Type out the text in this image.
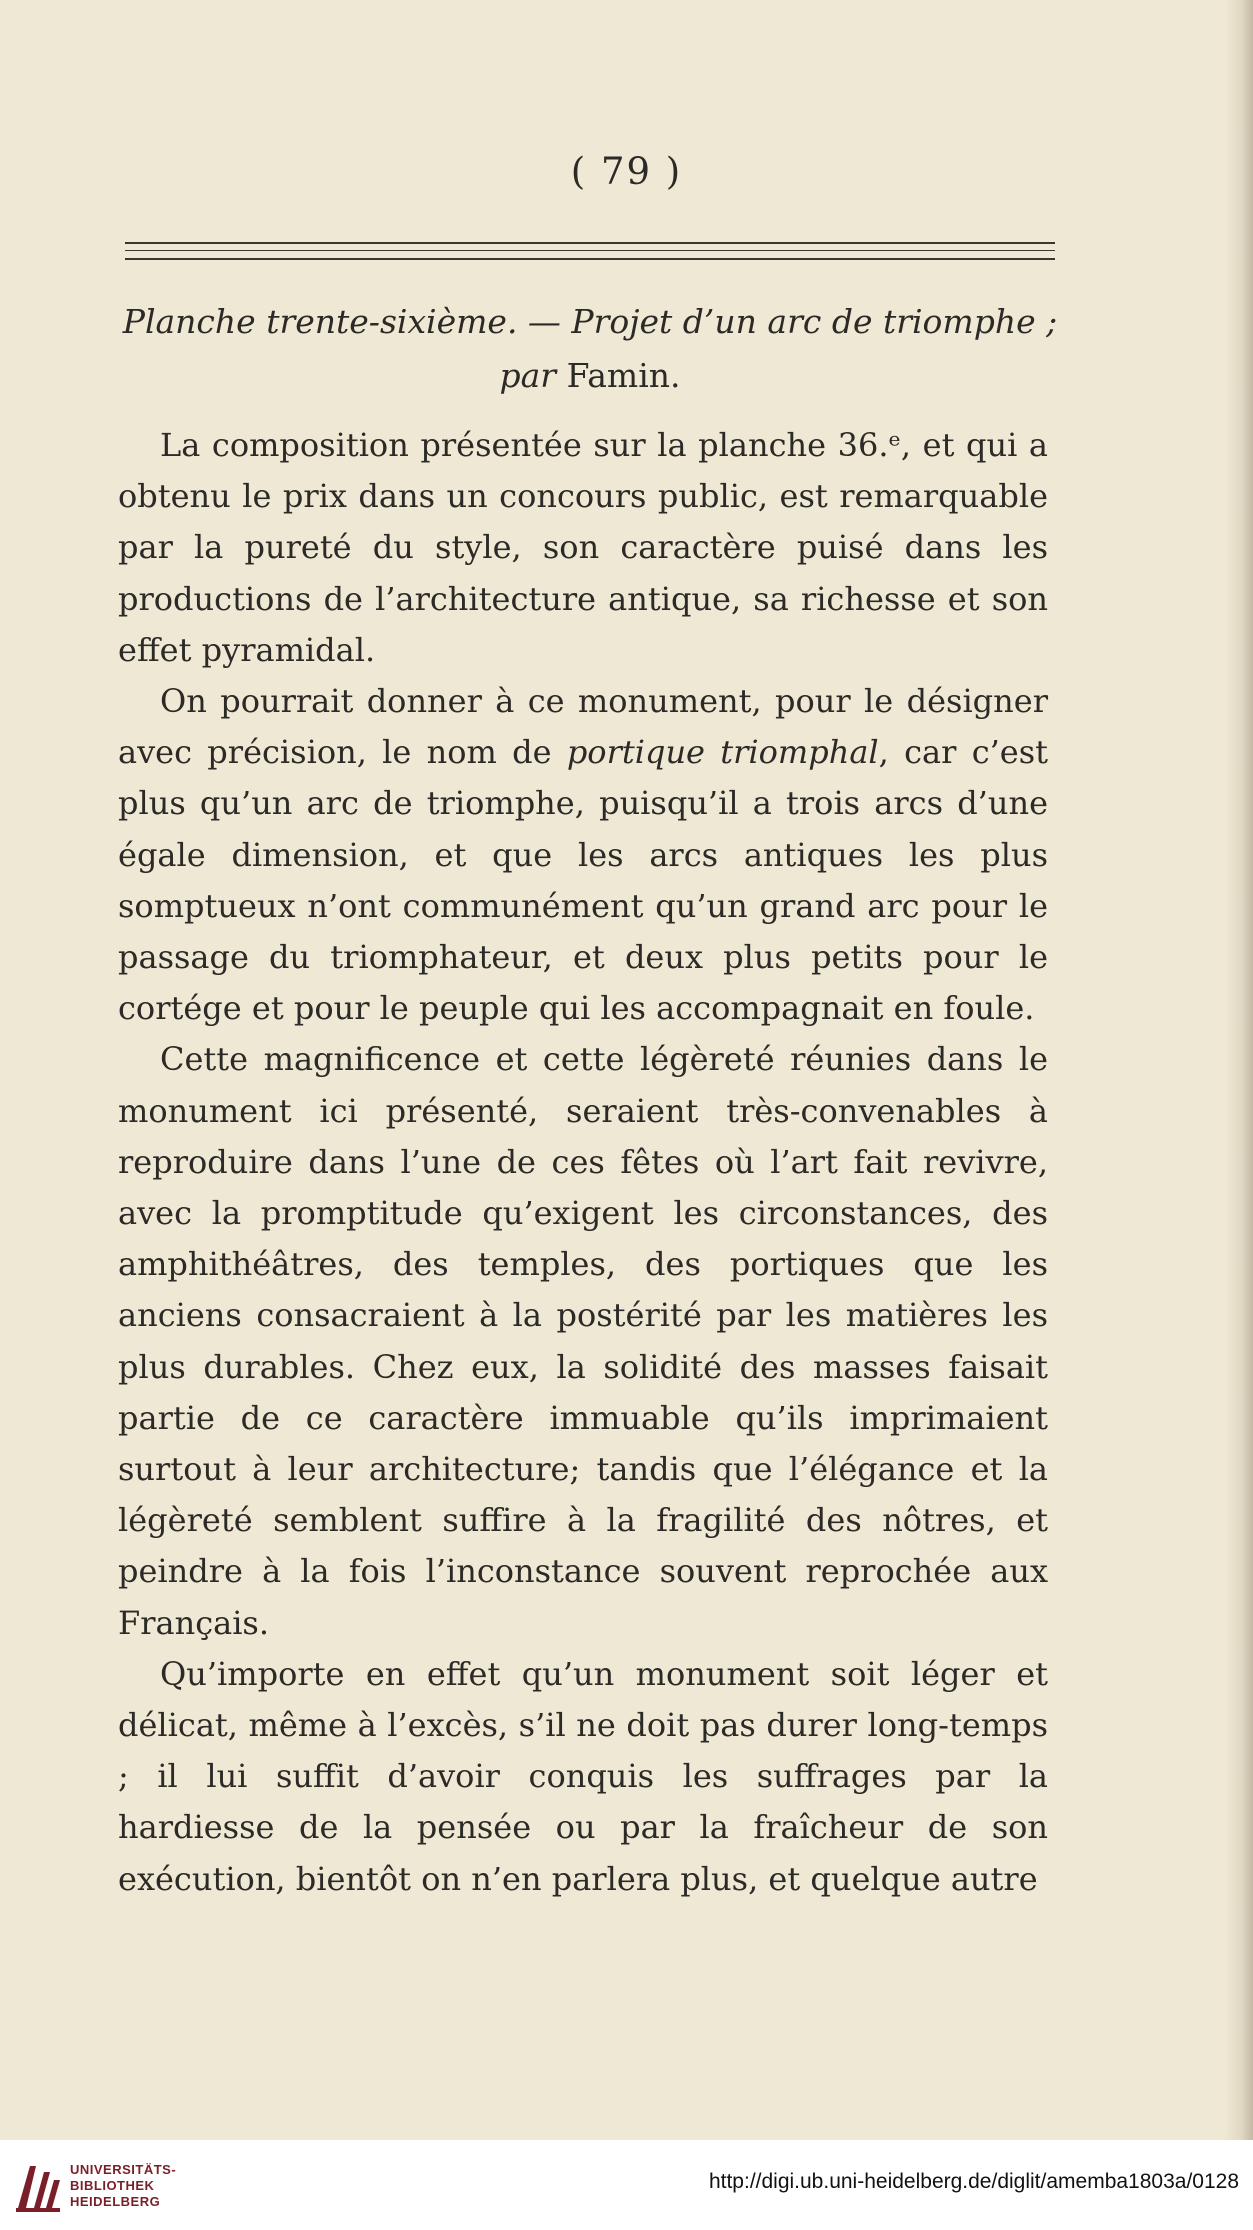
( 79 )
Planche trente-sixième. — Projet d’un arc de triomphe ;
par Famin.

La composition présentée sur la planche 36.ᵉ, et qui a obtenu le prix dans un concours public, est remarquable par la pureté du style, son caractère puisé dans les productions de l’architecture antique, sa richesse et son effet pyramidal.

On pourrait donner à ce monument, pour le désigner avec précision, le nom de portique triomphal, car c’est plus qu’un arc de triomphe, puisqu’il a trois arcs d’une égale dimension, et que les arcs antiques les plus somptueux n’ont communément qu’un grand arc pour le passage du triomphateur, et deux plus petits pour le cortége et pour le peuple qui les accompagnait en foule.

Cette magnificence et cette légèreté réunies dans le monument ici présenté, seraient très-convenables à reproduire dans l’une de ces fêtes où l’art fait revivre, avec la promptitude qu’exigent les circonstances, des amphithéâtres, des temples, des portiques que les anciens consacraient à la postérité par les matières les plus durables. Chez eux, la solidité des masses faisait partie de ce caractère immuable qu’ils imprimaient surtout à leur architecture; tandis que l’élégance et la légèreté semblent suffire à la fragilité des nôtres, et peindre à la fois l’inconstance souvent reprochée aux Français.

Qu’importe en effet qu’un monument soit léger et délicat, même à l’excès, s’il ne doit pas durer long-temps ; il lui suffit d’avoir conquis les suffrages par la hardiesse de la pensée ou par la fraîcheur de son exécution, bientôt on n’en parlera plus, et quelque autre

UNIVERSITÄTS-
BIBLIOTHEK
HEIDELBERG
http://digi.ub.uni-heidelberg.de/diglit/amemba1803a/0128
